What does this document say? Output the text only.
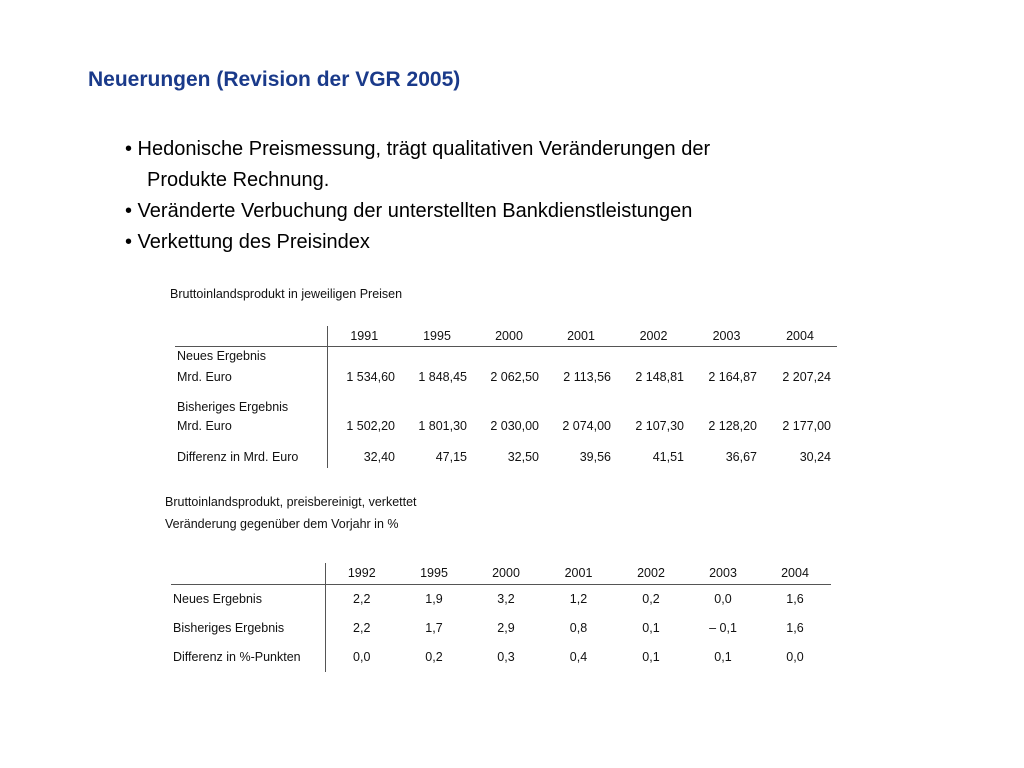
Neuerungen (Revision der VGR 2005)
• Hedonische Preismessung, trägt qualitativen Veränderungen der
Produkte Rechnung.
• Veränderte Verbuchung der unterstellten Bankdienstleistungen
• Verkettung des Preisindex
Bruttoinlandsprodukt in jeweiligen Preisen
	1991	1995	2000	2001	2002	2003	2004
Neues Ergebnis							
Mrd. Euro	1 534,60	1 848,45	2 062,50	2 113,56	2 148,81	2 164,87	2 207,24

Bisheriges Ergebnis							
Mrd. Euro	1 502,20	1 801,30	2 030,00	2 074,00	2 107,30	2 128,20	2 177,00

Differenz in Mrd. Euro	32,40	47,15	32,50	39,56	41,51	36,67	30,24
Bruttoinlandsprodukt, preisbereinigt, verkettet
Veränderung gegenüber dem Vorjahr in %
	1992	1995	2000	2001	2002	2003	2004
Neues Ergebnis	2,2	1,9	3,2	1,2	0,2	0,0	1,6
Bisheriges Ergebnis	2,2	1,7	2,9	0,8	0,1	– 0,1	1,6
Differenz in %-Punkten	0,0	0,2	0,3	0,4	0,1	0,1	0,0
